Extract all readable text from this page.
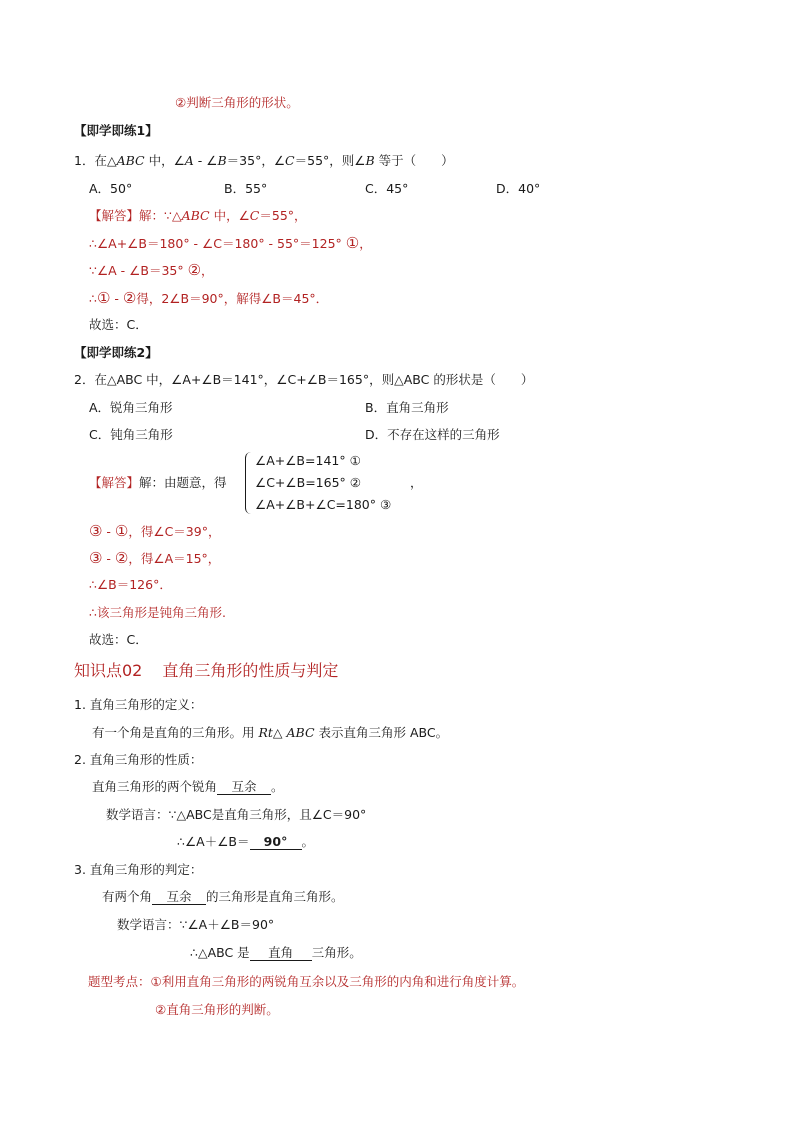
②判断三角形的形状。
【即学即练1】
1．在△ABC 中，∠A - ∠B＝35°，∠C＝55°，则∠B 等于（　　）
A．50°	B．55°	C．45°	D．40°
【解答】解：∵△ABC 中，∠C＝55°，
∴∠A+∠B＝180° - ∠C＝180° - 55°＝125° ①，
∵∠A - ∠B＝35° ②，
∴① - ②得，2∠B＝90°，解得∠B＝45°．
故选：C．
【即学即练2】
2．在△ABC 中，∠A+∠B＝141°，∠C+∠B＝165°，则△ABC 的形状是（　　）
A．锐角三角形	B．直角三角形
C．钝角三角形	D．不存在这样的三角形
【解答】解：由题意，得
∠A+∠B=141° ①
∠C+∠B=165° ②
∠A+∠B+∠C=180° ③
，
③ - ①，得∠C＝39°，
③ - ②，得∠A＝15°，
∴∠B＝126°．
∴该三角形是钝角三角形.
故选：C．
知识点02 直角三角形的性质与判定
1. 直角三角形的定义：
有一个角是直角的三角形。用 Rt△ ABC 表示直角三角形 ABC。
2. 直角三角形的性质：
直角三角形的两个锐角 互余 。
数学语言：∵△ABC是直角三角形，且∠C＝90°
∴∠A＋∠B＝ 90° 。
3. 直角三角形的判定：
有两个角 互余 的三角形是直角三角形。
数学语言：∵∠A＋∠B＝90°
∴△ABC 是 直角 三角形。
题型考点：①利用直角三角形的两锐角互余以及三角形的内角和进行角度计算。
②直角三角形的判断。
